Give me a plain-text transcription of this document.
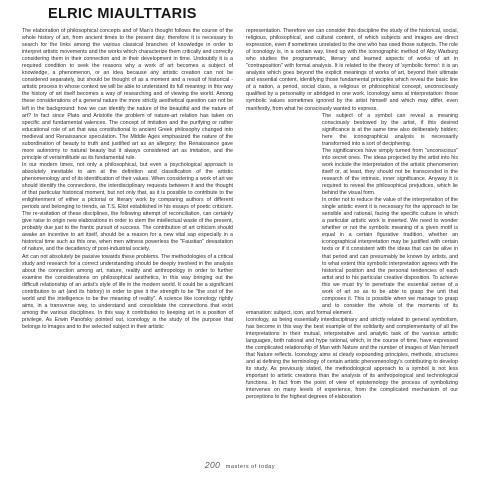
ELRIC MIAULTTARIS

The elaboration of philosophical concepts and of Man's thought follows the course of the whole history of art, from ancient times to the present day; therefore it is necessary to search for the links among the various classical branches of knowledge in order to interpret artistic movements and the works which characterize them critically and correctly considering them in their connection and in their development in time. Undoubtly it is a required condition to seek the reasons why a work of art becomes a subject of knowledge, a phenomenon, or an idea because any artistic creation can not be considered separately, but should be thought of as a moment and a result of historical - artistic process in whose context we will be able to understand its full meaning: in this way the history of art itself becomes a way of researching and of viewing the world. Among these considerations of a general nature the more strictly aesthetical question can not be left in the background: how we can identify the nature of the beautiful and the nature of art? In fact since Plato and Aristotle the problem of nature-art relation has taken on specific and fundamental valences. The concept of imitation and the purifying or rather educational role of art that was constitutional to ancient Greek philosophy changed into medieval and Renaissance speculation. The Middle Ages emphasized the nature of the subordination of beauty to truth and justified art as an allegory; the Renaissance gave more autonomy to natural beauty but it always considered art as imitation, and the principle of verisimilitude as its fundamental rule.

In our modern times, not only a philosophical, but even a psychological approach is absolutely inevitable to aim at the definition and classification of the artistic phenomenology and of its identification of their values. When considering a work of art we should identify the connections, the interdisciplinary requests between it and the thought of that particular historical moment, but not only that, as it is possible to contribute to the enlightenment of either a pictorial or literary work by comparing authors of different periods and belonging to trends, as T.S. Eliot established in his essays of poetic criticism. The re-visitation of these disciplines, the following attempt of reconciliation, can certainly give raise to origin new elaborations in order to stem the intellectual waste of the present, probably due just to the frantic pursuit of success. The contribution of art criticism should awake an incentive to art itself, should be a reason for a new vital sap especially in a historical time such as this one, when men witness powerless the "Faustian" devastation of nature, and the decadency of post-industrial society.

Art can not absolutely be passive towards these problems. The methodologies of a critical study and research for a correct understanding should be deeply involved in the analysis about the connection among art, nature, reality and anthropology in order to further examine the considerations on philosophical aesthetics, in this way bringing out the difficult relationship of an artist's style of life in the modern world. It could be a significant contribution to art (and its history) in order to give it the strength to be "the soul of the world and the intelligence to be the meaning of reality". A science like iconology rightly aims, in a transverse way, to understand and consolidate the connections that exist among the various disciplines. In this way it contributes to keeping art in a position of privilege. As Erwin Panofsky pointed out, iconology is the study of the purpose that belongs to images and to the selected subject in their artistic

representation. Therefore we can consider this discipline the study of the historical, social, religious, philosophical, and cultural content, of which subjects and images are direct expression, even if sometimes unrelated to the one who has used those subjects. The role of iconology is, in a certain way, lined up with the iconographic method of Aby Warburg who studies the programmatic, literary and learned aspects of works of art in "contraposition" with formal analysis. It is related to the theory of 'symbolic forms': it is an analysis which goes beyond the explicit meanings of works of art, beyond their ultimate and essential content, identifying those fundamental principles which reveal the basic line of a nation, a period, social class, a religious or philosophical concept, unconsciously qualified by a personality or abridged in one work. Iconology aims at interpretation: those symbolic values sometimes ignored by the artist himself and which may differ, even manifestly, from what he consciously wanted to express.

The subject of a symbol can reveal a meaning consciously bestowed by the artist, if this desired significance is at the same time also deliberately hidden; here the iconographical analysis is necessarily transformed into a sort of deciphering.

The significances have simply turned from "unconscious" into secret ones. The ideas projected by the artist into his work include the interpretation of the artistic phenomenon itself or, at least, they should not be transcended in the research of the intrinsic, inner significance. Anyway it is required to reveal the philosophical prejudices, which lie behind the visual form.

In order not to reduce the value of the interpretation of the single artistic event it is necessary for the approach to be sensible and rational, facing the specific culture in which a particular artistic work is inserted. We need to wonder whether or not the symbolic meaning of a given motif is equal in a certain figurative tradition, whether an iconographical interpretation may be justified with certain texts or if it consistent with the ideas that can be alive in that period and can presumably be known by artists, and to what extent this symbolic interpretation agrees with the historical position and the personal tendencies of each artist and to his particular creative disposition. To achieve this we must try to penetrate the essential sense of a work of art so as to be able to grasp the unit that composes it. This is possible when we manage to grasp and to consider the whole of the moments of its emanation: subject, icon, and formal element.

Iconology, as being essentially interdisciplinary and strictly related to general symbolism, has become in this way the best example of the solidarity and complementarity of all the interpretations in their mutual, interpretative and analytic task of the various artistic languages, both rational and hype rational, which, in the course of time, have expressed the complicated relationship of Man with Nature and the number of images of Man himself that Nature reflects. Iconology aims at clearly expounding principles, methods, structures and at defining the terminology of certain artistic phenomenology's contributing to develop its study. As previously stated, the methodological approach to a symbol is not less important to artistic creations than the analysis of its anthropological and technological functions. In fact from the point of view of epistemology the process of symbolizing intervenes on many levels of experience, from the complicated mechanism of our perceptions to the highest degrees of elaboration

200 masters of today
